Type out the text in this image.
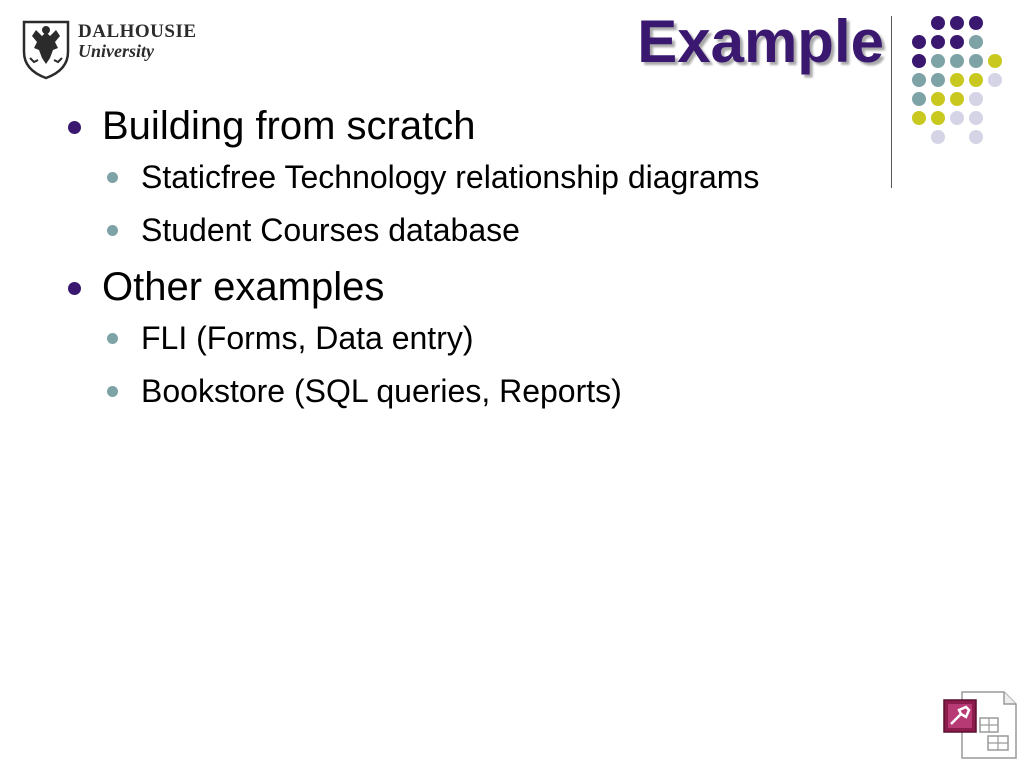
DALHOUSIE
University	Example
Building from scratch
Staticfree Technology relationship diagrams
Student Courses database
Other examples
FLI (Forms, Data entry)
Bookstore (SQL queries, Reports)
